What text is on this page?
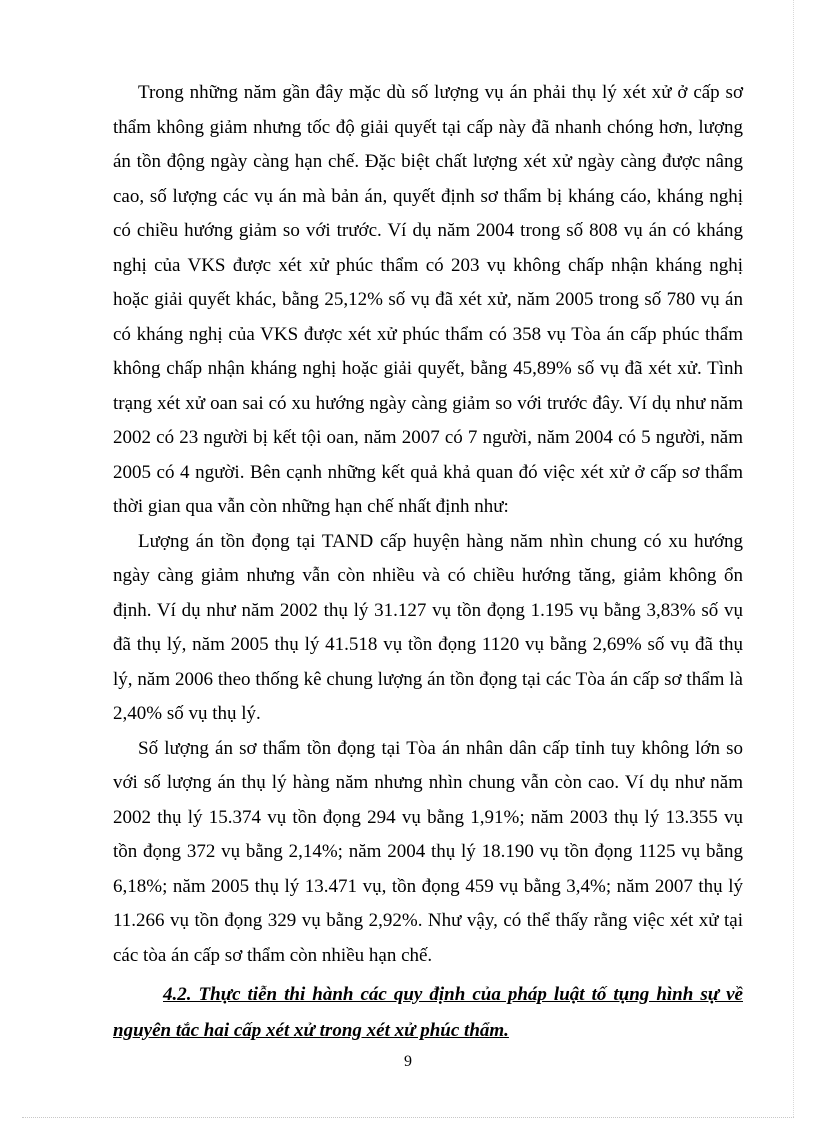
Trong những năm gần đây mặc dù số lượng vụ án phải thụ lý xét xử ở cấp sơ thẩm không giảm nhưng tốc độ giải quyết tại cấp này đã nhanh chóng hơn, lượng án tồn động ngày càng hạn chế. Đặc biệt chất lượng xét xử ngày càng được nâng cao, số lượng các vụ án mà bản án, quyết định sơ thẩm bị kháng cáo, kháng nghị có chiều hướng giảm so với trước. Ví dụ năm 2004 trong số 808 vụ án có kháng nghị của VKS được xét xử phúc thẩm có 203 vụ không chấp nhận kháng nghị hoặc giải quyết khác, bằng 25,12% số vụ đã xét xử, năm 2005 trong số 780 vụ án có kháng nghị của VKS được xét xử phúc thẩm có 358 vụ Tòa án cấp phúc thẩm không chấp nhận kháng nghị hoặc giải quyết, bằng 45,89% số vụ đã xét xử. Tình trạng xét xử oan sai có xu hướng ngày càng giảm so với trước đây. Ví dụ như năm 2002 có 23 người bị kết tội oan, năm 2007 có 7 người, năm 2004 có 5 người, năm 2005 có 4 người. Bên cạnh những kết quả khả quan đó việc xét xử ở cấp sơ thẩm thời gian qua vẫn còn những hạn chế nhất định như:

Lượng án tồn đọng tại TAND cấp huyện hàng năm nhìn chung có xu hướng ngày càng giảm nhưng vẫn còn nhiều và có chiều hướng tăng, giảm không ổn định. Ví dụ như năm 2002 thụ lý 31.127 vụ tồn đọng 1.195 vụ bằng 3,83% số vụ đã thụ lý, năm 2005 thụ lý 41.518 vụ tồn đọng 1120 vụ bằng 2,69% số vụ đã thụ lý, năm 2006 theo thống kê chung lượng án tồn đọng tại các Tòa án cấp sơ thẩm là 2,40% số vụ thụ lý.

Số lượng án sơ thẩm tồn đọng tại Tòa án nhân dân cấp tỉnh tuy không lớn so với số lượng án thụ lý hàng năm nhưng nhìn chung vẫn còn cao. Ví dụ như năm 2002 thụ lý 15.374 vụ tồn đọng 294 vụ bằng 1,91%; năm 2003 thụ lý 13.355 vụ tồn đọng 372 vụ bằng 2,14%; năm 2004 thụ lý 18.190 vụ tồn đọng 1125 vụ bằng 6,18%; năm 2005 thụ lý 13.471 vụ, tồn đọng 459 vụ bằng 3,4%; năm 2007 thụ lý 11.266 vụ tồn đọng 329 vụ bằng 2,92%. Như vậy, có thể thấy rằng việc xét xử tại các tòa án cấp sơ thẩm còn nhiều hạn chế.

4.2. Thực tiễn thi hành các quy định của pháp luật tố tụng hình sự về nguyên tắc hai cấp xét xử trong xét xử phúc thẩm.

9
